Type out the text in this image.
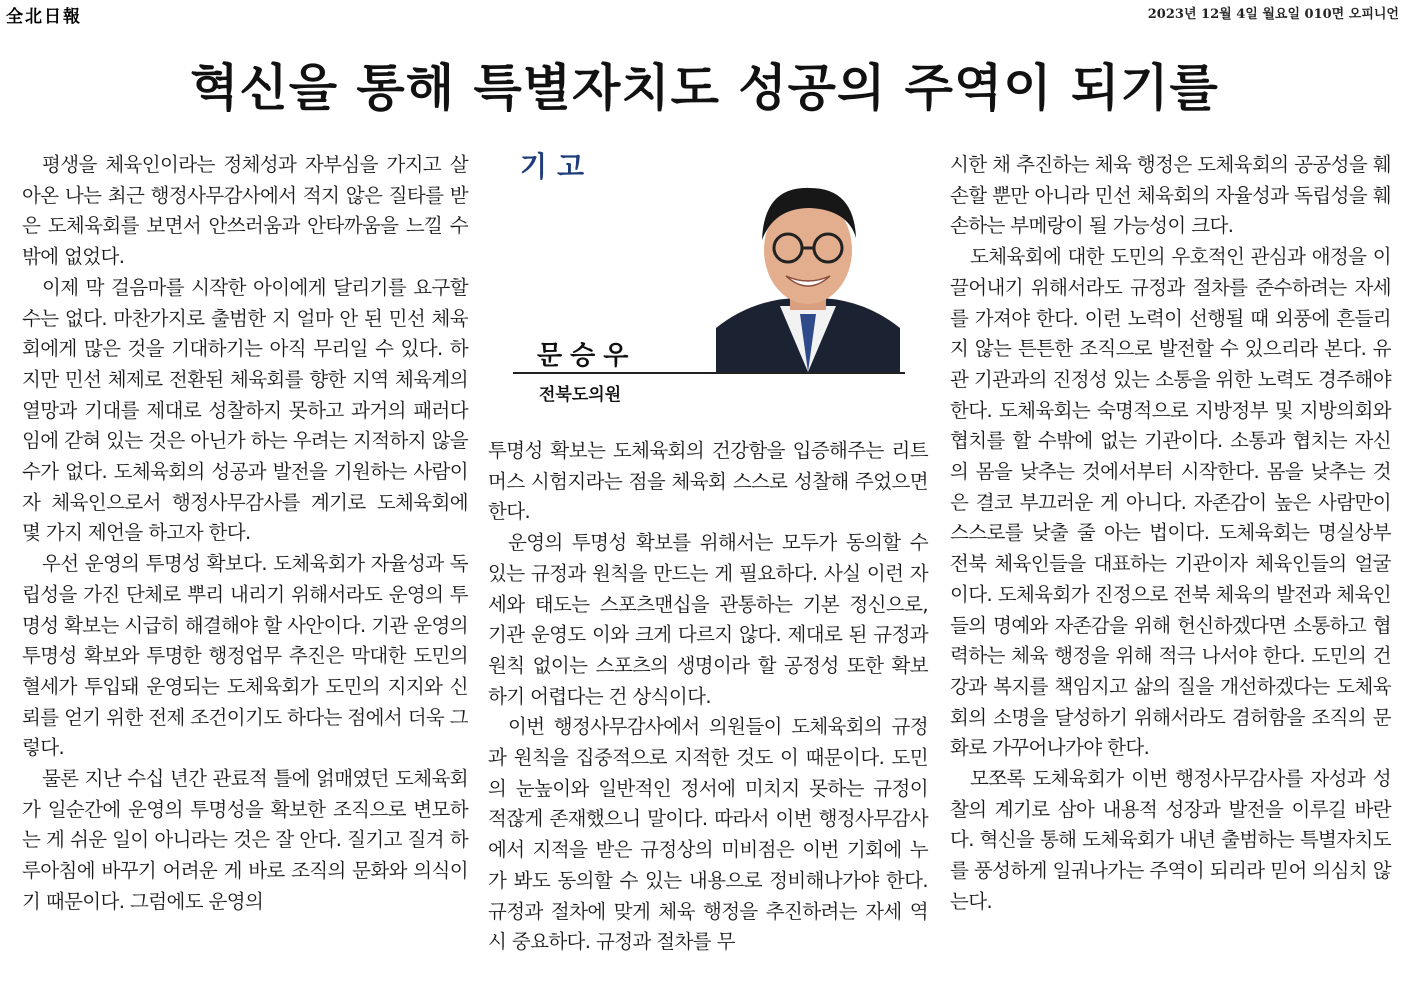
全北日報	2023년 12월 4일 월요일 010면 오피니언
혁신을 통해 특별자치도 성공의 주역이 되기를

평생을 체육인이라는 정체성과 자부심을 가지고 살아온 나는 최근 행정사무감사에서 적지 않은 질타를 받은 도체육회를 보면서 안쓰러움과 안타까움을 느낄 수밖에 없었다.

이제 막 걸음마를 시작한 아이에게 달리기를 요구할 수는 없다. 마찬가지로 출범한 지 얼마 안 된 민선 체육회에게 많은 것을 기대하기는 아직 무리일 수 있다. 하지만 민선 체제로 전환된 체육회를 향한 지역 체육계의 열망과 기대를 제대로 성찰하지 못하고 과거의 패러다임에 갇혀 있는 것은 아닌가 하는 우려는 지적하지 않을 수가 없다. 도체육회의 성공과 발전을 기원하는 사람이자 체육인으로서 행정사무감사를 계기로 도체육회에 몇 가지 제언을 하고자 한다.

우선 운영의 투명성 확보다. 도체육회가 자율성과 독립성을 가진 단체로 뿌리 내리기 위해서라도 운영의 투명성 확보는 시급히 해결해야 할 사안이다. 기관 운영의 투명성 확보와 투명한 행정업무 추진은 막대한 도민의 혈세가 투입돼 운영되는 도체육회가 도민의 지지와 신뢰를 얻기 위한 전제 조건이기도 하다는 점에서 더욱 그렇다.

물론 지난 수십 년간 관료적 틀에 얽매였던 도체육회가 일순간에 운영의 투명성을 확보한 조직으로 변모하는 게 쉬운 일이 아니라는 것은 잘 안다. 질기고 질겨 하루아침에 바꾸기 어려운 게 바로 조직의 문화와 의식이기 때문이다. 그럼에도 운영의

기고
문승우
전북도의원

투명성 확보는 도체육회의 건강함을 입증해주는 리트머스 시험지라는 점을 체육회 스스로 성찰해 주었으면 한다.

운영의 투명성 확보를 위해서는 모두가 동의할 수 있는 규정과 원칙을 만드는 게 필요하다. 사실 이런 자세와 태도는 스포츠맨십을 관통하는 기본 정신으로, 기관 운영도 이와 크게 다르지 않다. 제대로 된 규정과 원칙 없이는 스포츠의 생명이라 할 공정성 또한 확보하기 어렵다는 건 상식이다.

이번 행정사무감사에서 의원들이 도체육회의 규정과 원칙을 집중적으로 지적한 것도 이 때문이다. 도민의 눈높이와 일반적인 정서에 미치지 못하는 규정이 적잖게 존재했으니 말이다. 따라서 이번 행정사무감사에서 지적을 받은 규정상의 미비점은 이번 기회에 누가 봐도 동의할 수 있는 내용으로 정비해나가야 한다. 규정과 절차에 맞게 체육 행정을 추진하려는 자세 역시 중요하다. 규정과 절차를 무

시한 채 추진하는 체육 행정은 도체육회의 공공성을 훼손할 뿐만 아니라 민선 체육회의 자율성과 독립성을 훼손하는 부메랑이 될 가능성이 크다.

도체육회에 대한 도민의 우호적인 관심과 애정을 이끌어내기 위해서라도 규정과 절차를 준수하려는 자세를 가져야 한다. 이런 노력이 선행될 때 외풍에 흔들리지 않는 튼튼한 조직으로 발전할 수 있으리라 본다. 유관 기관과의 진정성 있는 소통을 위한 노력도 경주해야 한다. 도체육회는 숙명적으로 지방정부 및 지방의회와 협치를 할 수밖에 없는 기관이다. 소통과 협치는 자신의 몸을 낮추는 것에서부터 시작한다. 몸을 낮추는 것은 결코 부끄러운 게 아니다. 자존감이 높은 사람만이 스스로를 낮출 줄 아는 법이다. 도체육회는 명실상부 전북 체육인들을 대표하는 기관이자 체육인들의 얼굴이다. 도체육회가 진정으로 전북 체육의 발전과 체육인들의 명예와 자존감을 위해 헌신하겠다면 소통하고 협력하는 체육 행정을 위해 적극 나서야 한다. 도민의 건강과 복지를 책임지고 삶의 질을 개선하겠다는 도체육회의 소명을 달성하기 위해서라도 겸허함을 조직의 문화로 가꾸어나가야 한다.

모쪼록 도체육회가 이번 행정사무감사를 자성과 성찰의 계기로 삼아 내용적 성장과 발전을 이루길 바란다. 혁신을 통해 도체육회가 내년 출범하는 특별자치도를 풍성하게 일궈나가는 주역이 되리라 믿어 의심치 않는다.
